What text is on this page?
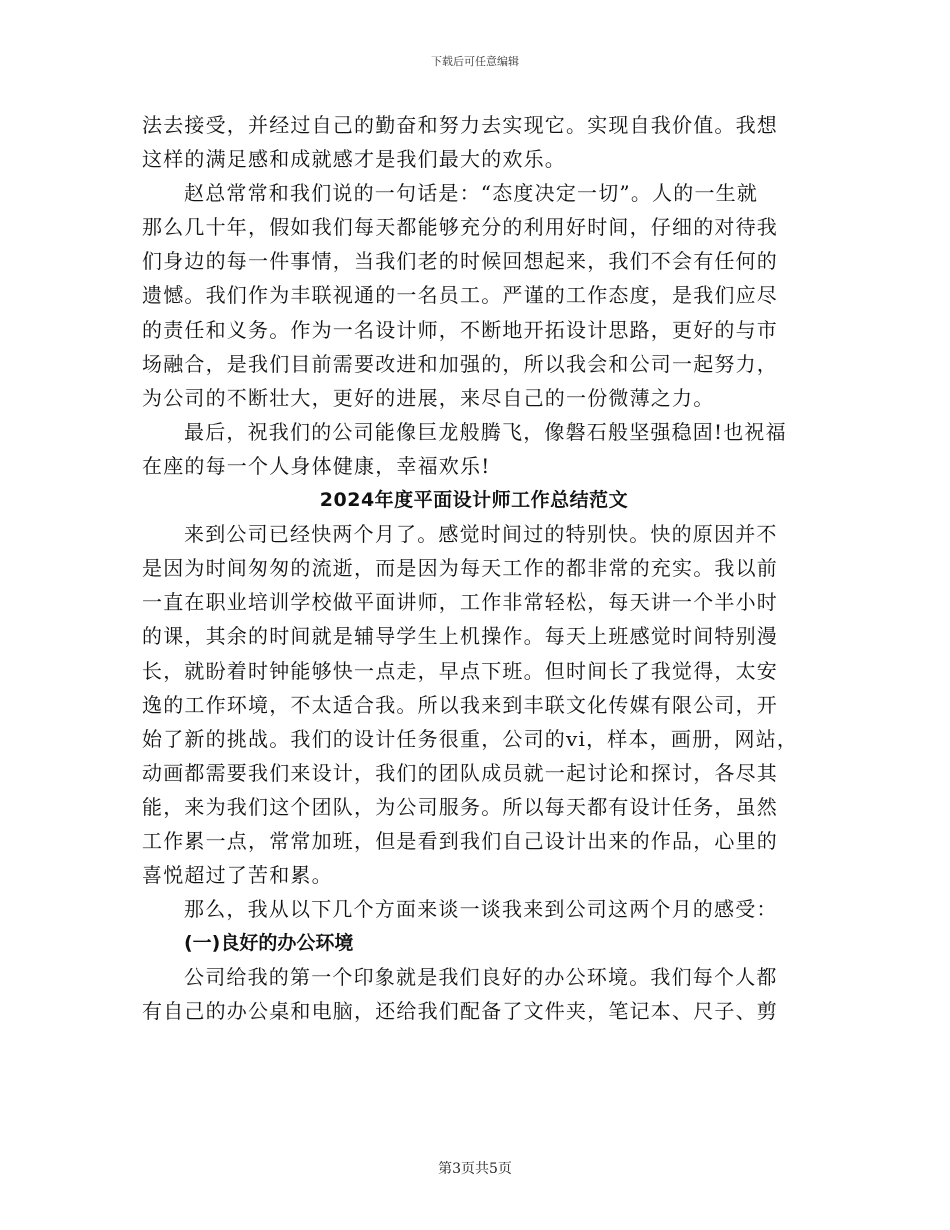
下载后可任意编辑

法去接受，并经过自己的勤奋和努力去实现它。实现自我价值。我想
这样的满足感和成就感才是我们最大的欢乐。

赵总常常和我们说的一句话是：“态度决定一切”。人的一生就
那么几十年，假如我们每天都能够充分的利用好时间，仔细的对待我
们身边的每一件事情，当我们老的时候回想起来，我们不会有任何的
遗憾。我们作为丰联视通的一名员工。严谨的工作态度，是我们应尽
的责任和义务。作为一名设计师，不断地开拓设计思路，更好的与市
场融合，是我们目前需要改进和加强的，所以我会和公司一起努力，
为公司的不断壮大，更好的进展，来尽自己的一份微薄之力。

最后，祝我们的公司能像巨龙般腾飞，像磐石般坚强稳固!也祝福
在座的每一个人身体健康，幸福欢乐!

2024年度平面设计师工作总结范文

来到公司已经快两个月了。感觉时间过的特别快。快的原因并不
是因为时间匆匆的流逝，而是因为每天工作的都非常的充实。我以前
一直在职业培训学校做平面讲师，工作非常轻松，每天讲一个半小时
的课，其余的时间就是辅导学生上机操作。每天上班感觉时间特别漫
长，就盼着时钟能够快一点走，早点下班。但时间长了我觉得，太安
逸的工作环境，不太适合我。所以我来到丰联文化传媒有限公司，开
始了新的挑战。我们的设计任务很重，公司的vi，样本，画册，网站，
动画都需要我们来设计，我们的团队成员就一起讨论和探讨，各尽其
能，来为我们这个团队，为公司服务。所以每天都有设计任务，虽然
工作累一点，常常加班，但是看到我们自己设计出来的作品，心里的
喜悦超过了苦和累。

那么，我从以下几个方面来谈一谈我来到公司这两个月的感受：

(一)良好的办公环境

公司给我的第一个印象就是我们良好的办公环境。我们每个人都
有自己的办公桌和电脑，还给我们配备了文件夹，笔记本、尺子、剪

第3页共5页
